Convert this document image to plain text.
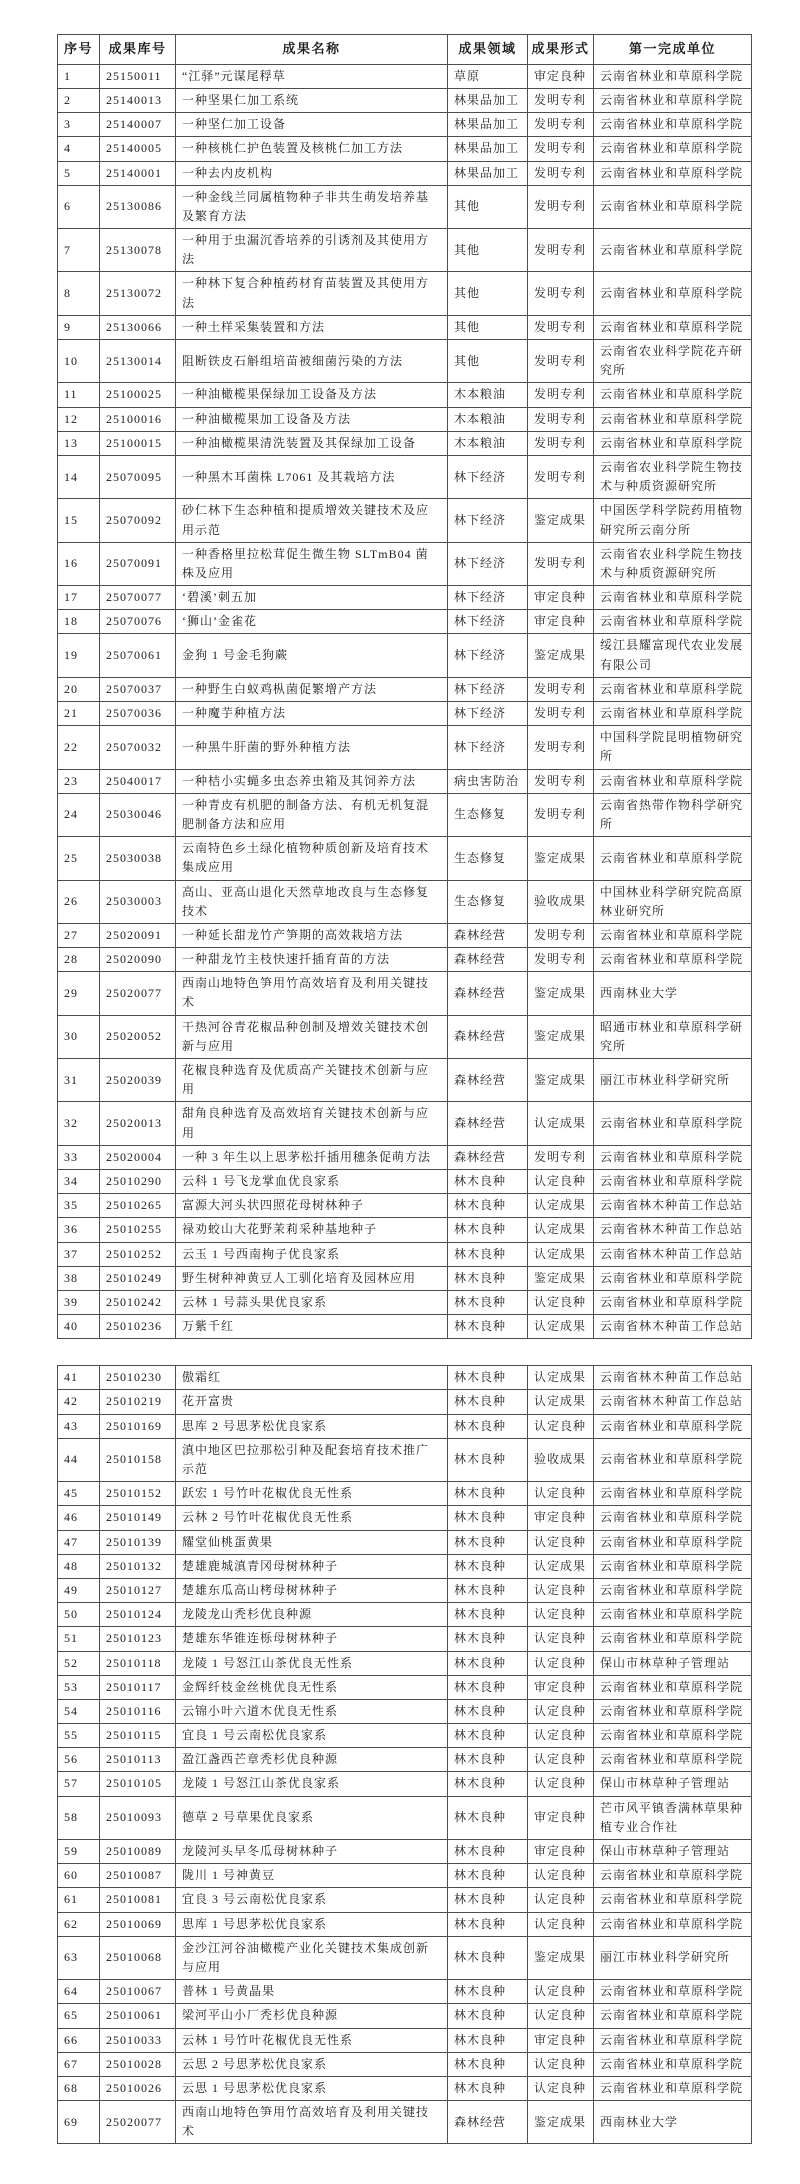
序号	成果库号	成果名称	成果领域	成果形式	第一完成单位
1	25150011	“江驿”元谋尾稃草	草原	审定良种	云南省林业和草原科学院
2	25140013	一种坚果仁加工系统	林果品加工	发明专利	云南省林业和草原科学院
3	25140007	一种坚仁加工设备	林果品加工	发明专利	云南省林业和草原科学院
4	25140005	一种核桃仁护色装置及核桃仁加工方法	林果品加工	发明专利	云南省林业和草原科学院
5	25140001	一种去内皮机构	林果品加工	发明专利	云南省林业和草原科学院
6	25130086	一种金线兰同属植物种子非共生萌发培养基及繁育方法	其他	发明专利	云南省林业和草原科学院
7	25130078	一种用于虫漏沉香培养的引诱剂及其使用方法	其他	发明专利	云南省林业和草原科学院
8	25130072	一种林下复合种植药材育苗装置及其使用方法	其他	发明专利	云南省林业和草原科学院
9	25130066	一种土样采集装置和方法	其他	发明专利	云南省林业和草原科学院
10	25130014	阻断铁皮石斛组培苗被细菌污染的方法	其他	发明专利	云南省农业科学院花卉研究所
11	25100025	一种油橄榄果保绿加工设备及方法	木本粮油	发明专利	云南省林业和草原科学院
12	25100016	一种油橄榄果加工设备及方法	木本粮油	发明专利	云南省林业和草原科学院
13	25100015	一种油橄榄果清洗装置及其保绿加工设备	木本粮油	发明专利	云南省林业和草原科学院
14	25070095	一种黑木耳菌株 L7061 及其栽培方法	林下经济	发明专利	云南省农业科学院生物技术与种质资源研究所
15	25070092	砂仁林下生态种植和提质增效关键技术及应用示范	林下经济	鉴定成果	中国医学科学院药用植物研究所云南分所
16	25070091	一种香格里拉松茸促生微生物 SLTmB04 菌株及应用	林下经济	发明专利	云南省农业科学院生物技术与种质资源研究所
17	25070077	‘碧溪’刺五加	林下经济	审定良种	云南省林业和草原科学院
18	25070076	‘狮山’金雀花	林下经济	审定良种	云南省林业和草原科学院
19	25070061	金狗 1 号金毛狗蕨	林下经济	鉴定成果	绥江县耀富现代农业发展有限公司
20	25070037	一种野生白蚁鸡枞菌促繁增产方法	林下经济	发明专利	云南省林业和草原科学院
21	25070036	一种魔芋种植方法	林下经济	发明专利	云南省林业和草原科学院
22	25070032	一种黑牛肝菌的野外种植方法	林下经济	发明专利	中国科学院昆明植物研究所
23	25040017	一种桔小实蝇多虫态养虫箱及其饲养方法	病虫害防治	发明专利	云南省林业和草原科学院
24	25030046	一种青皮有机肥的制备方法、有机无机复混肥制备方法和应用	生态修复	发明专利	云南省热带作物科学研究所
25	25030038	云南特色乡土绿化植物种质创新及培育技术集成应用	生态修复	鉴定成果	云南省林业和草原科学院
26	25030003	高山、亚高山退化天然草地改良与生态修复技术	生态修复	验收成果	中国林业科学研究院高原林业研究所
27	25020091	一种延长甜龙竹产笋期的高效栽培方法	森林经营	发明专利	云南省林业和草原科学院
28	25020090	一种甜龙竹主枝快速扦插育苗的方法	森林经营	发明专利	云南省林业和草原科学院
29	25020077	西南山地特色笋用竹高效培育及利用关键技术	森林经营	鉴定成果	西南林业大学
30	25020052	干热河谷青花椒品种创制及增效关键技术创新与应用	森林经营	鉴定成果	昭通市林业和草原科学研究所
31	25020039	花椒良种选育及优质高产关键技术创新与应用	森林经营	鉴定成果	丽江市林业科学研究所
32	25020013	甜角良种选育及高效培育关键技术创新与应用	森林经营	认定成果	云南省林业和草原科学院
33	25020004	一种 3 年生以上思茅松扦插用穗条促萌方法	森林经营	发明专利	云南省林业和草原科学院
34	25010290	云科 1 号飞龙掌血优良家系	林木良种	认定良种	云南省林业和草原科学院
35	25010265	富源大河头状四照花母树林种子	林木良种	认定成果	云南省林木种苗工作总站
36	25010255	禄劝蛟山大花野茉莉采种基地种子	林木良种	认定成果	云南省林木种苗工作总站
37	25010252	云玉 1 号西南栒子优良家系	林木良种	认定成果	云南省林木种苗工作总站
38	25010249	野生树种神黄豆人工驯化培育及园林应用	林木良种	鉴定成果	云南省林业和草原科学院
39	25010242	云林 1 号蒜头果优良家系	林木良种	认定良种	云南省林业和草原科学院
40	25010236	万紫千红	林木良种	认定成果	云南省林木种苗工作总站
41	25010230	傲霜红	林木良种	认定成果	云南省林木种苗工作总站
42	25010219	花开富贵	林木良种	认定成果	云南省林木种苗工作总站
43	25010169	思库 2 号思茅松优良家系	林木良种	认定良种	云南省林业和草原科学院
44	25010158	滇中地区巴拉那松引种及配套培育技术推广示范	林木良种	验收成果	云南省林业和草原科学院
45	25010152	跃宏 1 号竹叶花椒优良无性系	林木良种	认定良种	云南省林业和草原科学院
46	25010149	云林 2 号竹叶花椒优良无性系	林木良种	审定良种	云南省林业和草原科学院
47	25010139	耀堂仙桃蛋黄果	林木良种	认定良种	云南省林业和草原科学院
48	25010132	楚雄鹿城滇青冈母树林种子	林木良种	认定成果	云南省林业和草原科学院
49	25010127	楚雄东瓜高山栲母树林种子	林木良种	认定良种	云南省林业和草原科学院
50	25010124	龙陵龙山秃杉优良种源	林木良种	认定良种	云南省林业和草原科学院
51	25010123	楚雄东华锥连栎母树林种子	林木良种	认定良种	云南省林业和草原科学院
52	25010118	龙陵 1 号怒江山茶优良无性系	林木良种	认定良种	保山市林草种子管理站
53	25010117	金辉纤枝金丝桃优良无性系	林木良种	审定良种	云南省林业和草原科学院
54	25010116	云锦小叶六道木优良无性系	林木良种	认定良种	云南省林业和草原科学院
55	25010115	宜良 1 号云南松优良家系	林木良种	认定良种	云南省林业和草原科学院
56	25010113	盈江盏西芒章秃杉优良种源	林木良种	认定良种	云南省林业和草原科学院
57	25010105	龙陵 1 号怒江山茶优良家系	林木良种	认定良种	保山市林草种子管理站
58	25010093	德草 2 号草果优良家系	林木良种	审定良种	芒市风平镇香满林草果种植专业合作社
59	25010089	龙陵河头早冬瓜母树林种子	林木良种	审定良种	保山市林草种子管理站
60	25010087	陇川 1 号神黄豆	林木良种	认定良种	云南省林业和草原科学院
61	25010081	宜良 3 号云南松优良家系	林木良种	认定良种	云南省林业和草原科学院
62	25010069	思库 1 号思茅松优良家系	林木良种	认定良种	云南省林业和草原科学院
63	25010068	金沙江河谷油橄榄产业化关键技术集成创新与应用	林木良种	鉴定成果	丽江市林业科学研究所
64	25010067	普林 1 号黄晶果	林木良种	认定良种	云南省林业和草原科学院
65	25010061	梁河平山小厂秃杉优良种源	林木良种	认定良种	云南省林业和草原科学院
66	25010033	云林 1 号竹叶花椒优良无性系	林木良种	审定良种	云南省林业和草原科学院
67	25010028	云思 2 号思茅松优良家系	林木良种	认定良种	云南省林业和草原科学院
68	25010026	云思 1 号思茅松优良家系	林木良种	认定良种	云南省林业和草原科学院
69	25020077	西南山地特色笋用竹高效培育及利用关键技术	森林经营	鉴定成果	西南林业大学
